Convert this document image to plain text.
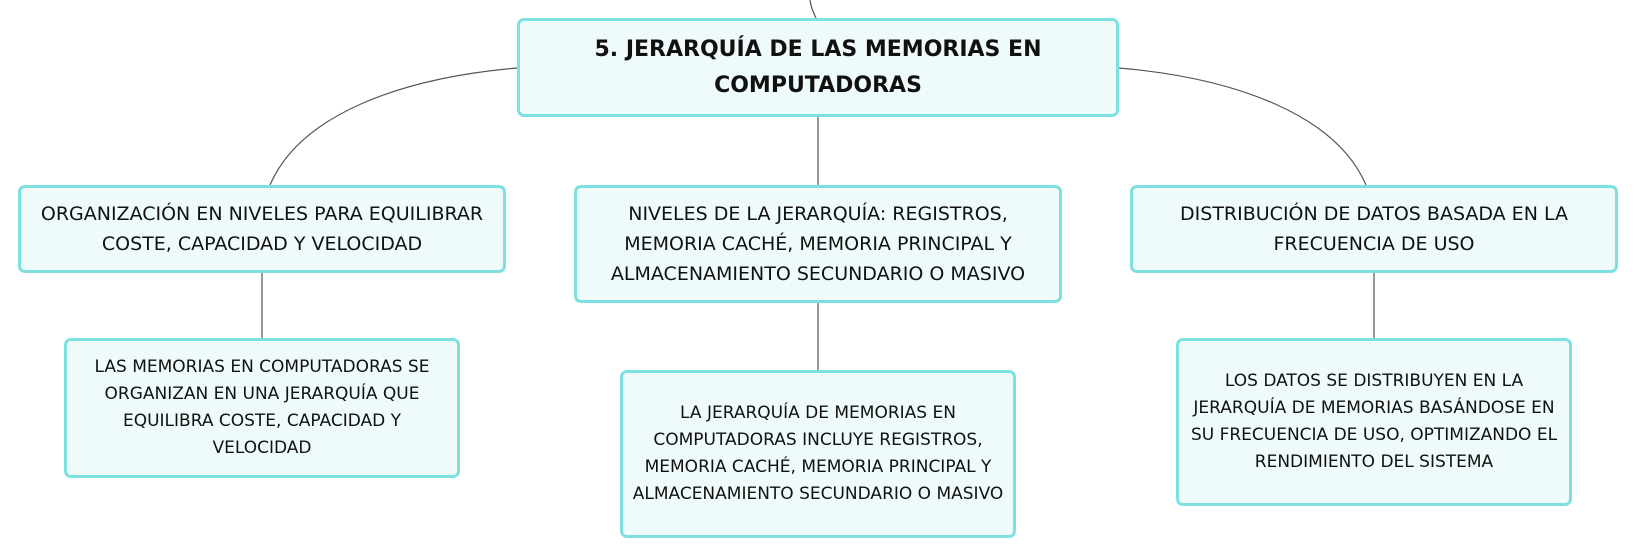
5. JERARQUÍA DE LAS MEMORIAS EN COMPUTADORAS
ORGANIZACIÓN EN NIVELES PARA EQUILIBRAR COSTE, CAPACIDAD Y VELOCIDAD
NIVELES DE LA JERARQUÍA: REGISTROS, MEMORIA CACHÉ, MEMORIA PRINCIPAL Y ALMACENAMIENTO SECUNDARIO O MASIVO
DISTRIBUCIÓN DE DATOS BASADA EN LA FRECUENCIA DE USO
LAS MEMORIAS EN COMPUTADORAS SE ORGANIZAN EN UNA JERARQUÍA QUE EQUILIBRA COSTE, CAPACIDAD Y VELOCIDAD
LA JERARQUÍA DE MEMORIAS EN COMPUTADORAS INCLUYE REGISTROS, MEMORIA CACHÉ, MEMORIA PRINCIPAL Y ALMACENAMIENTO SECUNDARIO O MASIVO
LOS DATOS SE DISTRIBUYEN EN LA JERARQUÍA DE MEMORIAS BASÁNDOSE EN SU FRECUENCIA DE USO, OPTIMIZANDO EL RENDIMIENTO DEL SISTEMA
